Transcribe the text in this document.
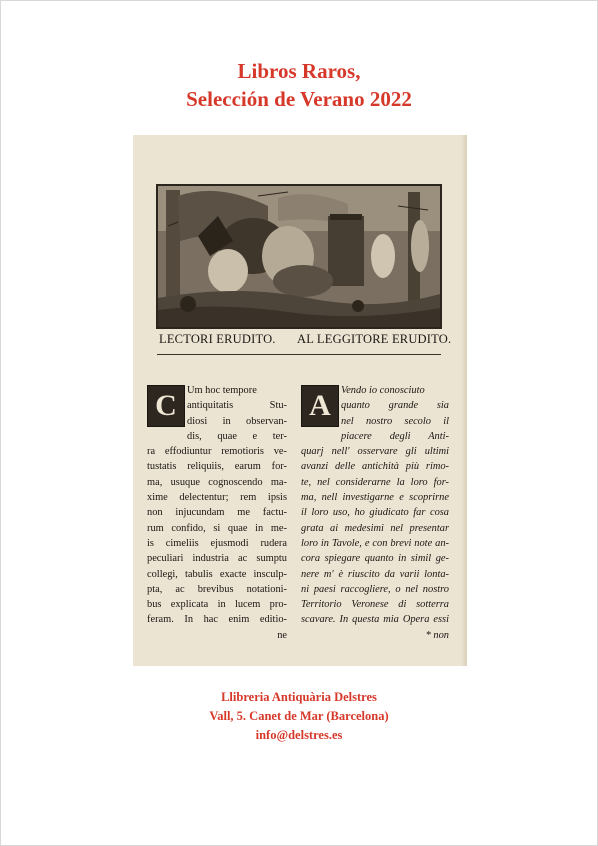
Libros Raros,
Selección de Verano 2022
LECTORI ERUDITO. AL LEGGITORE ERUDITO.
C	A
Um hoc tempore
antiquitatis Stu-
diosi in observan-
dis, quae e ter-
ra effodiuntur remotioris ve-
tustatis reliquiis, earum for-
ma, usuque cognoscendo ma-
xime delectentur; rem ipsis
non injucundam me factu-
rum confido, si quae in me-
is cimeliis ejusmodi rudera
peculiari industria ac sumptu
collegi, tabulis exacte insculp-
pta, ac brevibus notationi-
bus explicata in lucem pro-
feram. In hac enim editio-
ne
Vendo io conosciuto
quanto grande sia
nel nostro secolo il
piacere degli Anti-
quarj nell' osservare gli ultimi
avanzi delle antichità più rimo-
te, nel considerarne la loro for-
ma, nell investigarne e scoprirne
il loro uso, ho giudicato far cosa
grata ai medesimi nel presentar
loro in Tavole, e con brevi note an-
cora spiegare quanto in simil ge-
nere m' è riuscito da varii lonta-
ni paesi raccogliere, o nel nostro
Territorio Veronese di sotterra
scavare. In questa mia Opera essi
* non
Llibreria Antiquària Delstres
Vall, 5. Canet de Mar (Barcelona)
info@delstres.es
